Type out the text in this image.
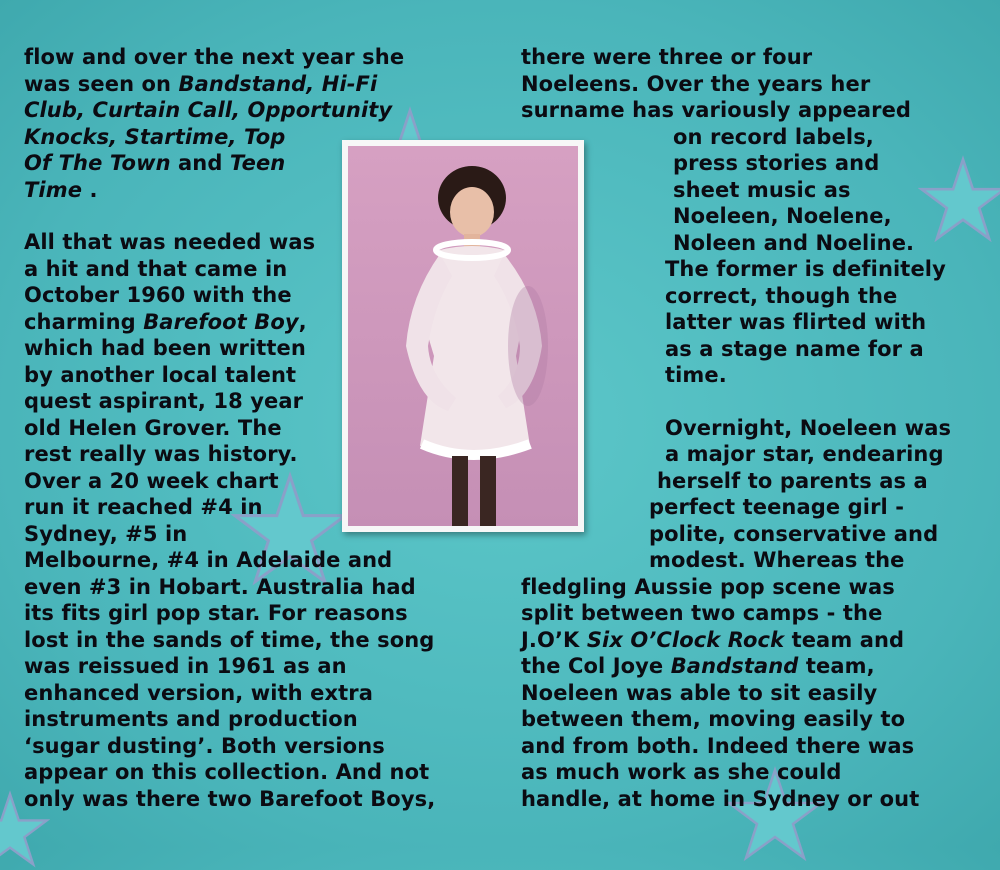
flow and over the next year she

was seen on Bandstand, Hi-Fi

Club, Curtain Call, Opportunity

Knocks, Startime, Top

Of The Town and Teen

Time .

All that was needed was

a hit and that came in

October 1960 with the

charming Barefoot Boy,

which had been written

by another local talent

quest aspirant, 18 year

old Helen Grover. The

rest really was history.

Over a 20 week chart

run it reached #4 in

Sydney, #5 in

Melbourne, #4 in Adelaide and

even #3 in Hobart. Australia had

its fits girl pop star. For reasons

lost in the sands of time, the song

was reissued in 1961 as an

enhanced version, with extra

instruments and production

‘sugar dusting’. Both versions

appear on this collection. And not

only was there two Barefoot Boys,

there were three or four

Noeleens. Over the years her

surname has variously appeared

on record labels,

press stories and

sheet music as

Noeleen, Noelene,

Noleen and Noeline.

The former is definitely

correct, though the

latter was flirted with

as a stage name for a

time.

Overnight, Noeleen was

a major star, endearing

herself to parents as a

perfect teenage girl -

polite, conservative and

modest. Whereas the

fledgling Aussie pop scene was

split between two camps - the

J.O’K Six O’Clock Rock team and

the Col Joye Bandstand team,

Noeleen was able to sit easily

between them, moving easily to

and from both. Indeed there was

as much work as she could

handle, at home in Sydney or out
